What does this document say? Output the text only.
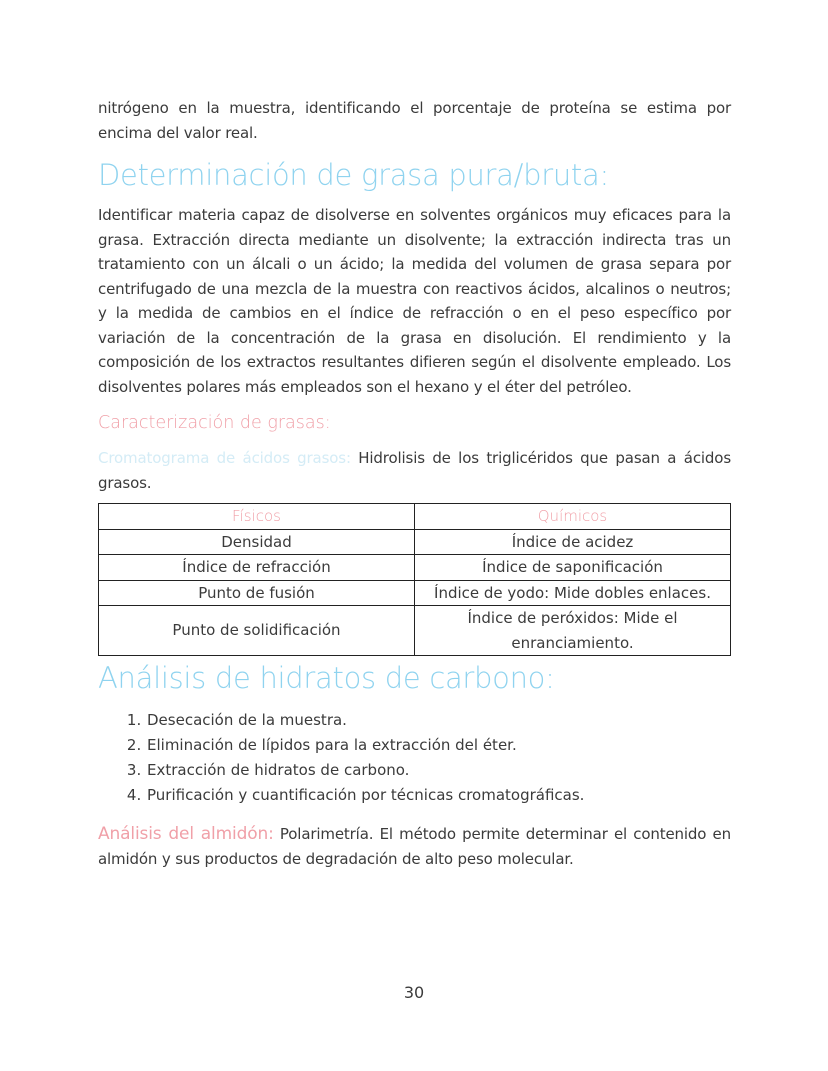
nitrógeno en la muestra, identificando el porcentaje de proteína se estima por encima del valor real.

Determinación de grasa pura/bruta:

Identificar materia capaz de disolverse en solventes orgánicos muy eficaces para la grasa. Extracción directa mediante un disolvente; la extracción indirecta tras un tratamiento con un álcali o un ácido; la medida del volumen de grasa separa por centrifugado de una mezcla de la muestra con reactivos ácidos, alcalinos o neutros; y la medida de cambios en el índice de refracción o en el peso específico por variación de la concentración de la grasa en disolución. El rendimiento y la composición de los extractos resultantes difieren según el disolvente empleado. Los disolventes polares más empleados son el hexano y el éter del petróleo.

Caracterización de grasas:

Cromatograma de ácidos grasos: Hidrolisis de los triglicéridos que pasan a ácidos grasos.

Físicos	Químicos
Densidad	Índice de acidez
Índice de refracción	Índice de saponificación
Punto de fusión	Índice de yodo: Mide dobles enlaces.
Punto de solidificación	Índice de peróxidos: Mide el enranciamiento.
Análisis de hidratos de carbono:
1. Desecación de la muestra.
2. Eliminación de lípidos para la extracción del éter.
3. Extracción de hidratos de carbono.
4. Purificación y cuantificación por técnicas cromatográficas.

Análisis del almidón: Polarimetría. El método permite determinar el contenido en almidón y sus productos de degradación de alto peso molecular.

30
